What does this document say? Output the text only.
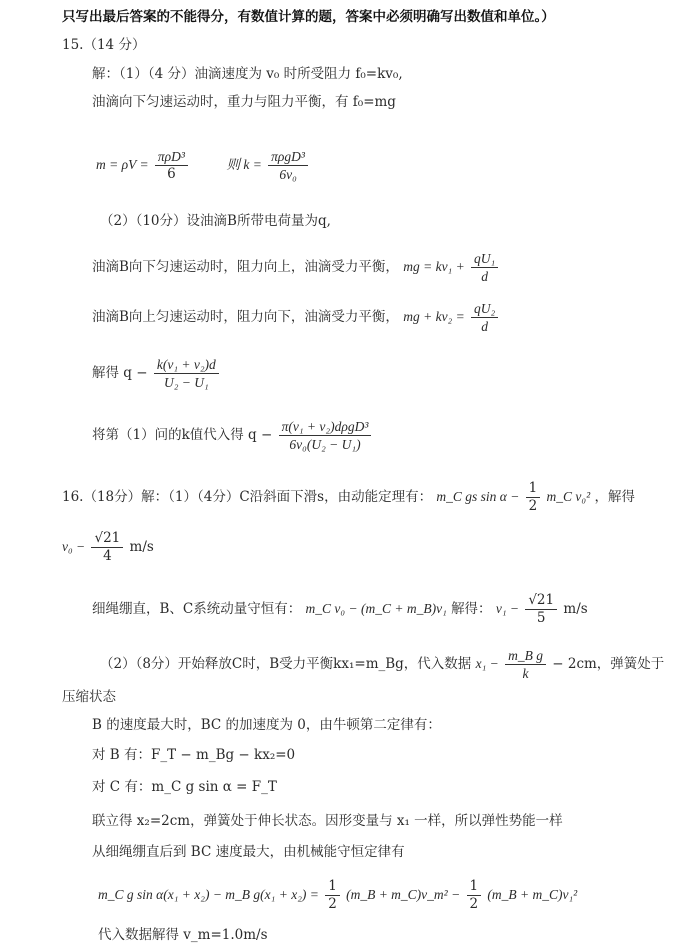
只写出最后答案的不能得分，有数值计算的题，答案中必须明确写出数值和单位。）
15.（14 分）
解：（1）（4 分）油滴速度为 v₀ 时所受阻力 f₀=kv₀,
油滴向下匀速运动时，重力与阻力平衡，有 f₀=mg
$m = \rho V = \frac{\text{πρD³}}{6}$	则 $k = \frac{\text{πρgD³}}{\text{6v₀}}$
（2）（10分）设油滴B所带电荷量为q,
油滴B向下匀速运动时，阻力向上，油滴受力平衡， mg = $kv_1 + \frac{\text{qU₁}}{d}$
油滴B向上匀速运动时，阻力向下，油滴受力平衡， mg + $kv_2 = \frac{\text{qU₂}}{d}$
解得 $q - \frac{\text{k(v₁ + v₂)d}}{\text{U₂ − U₁}}$
将第（1）问的k值代入得 $q - \frac{\text{π(v₁ + v₂)dρgD³}}{\text{6v₀(U₂ − U₁)}}$
16.（18分）解：（1）（4分）C沿斜面下滑s，由动能定理有： m_C gs $\sin \alpha - \frac{1}{2}$ m_C v₀² ，解得
$v_0 - \frac{√21}{4} m/s$
细绳绷直，B、C系统动量守恒有： m_C v₀ − (m_C + m_B)v₁ 解得： $v_1 - \frac{√21}{5} m/s$
（2）（8分）开始释放C时，B受力平衡kx₁=m_Bg，代入数据 $x_1 - \frac{\text{m\_B g}}{k} - 2cm$，弹簧处于
压缩状态
B 的速度最大时，BC 的加速度为 0，由牛顿第二定律有：
对 B 有：F_T − m_Bg − kx₂=0
对 C 有：m_C g sin α = F_T
联立得 x₂=2cm，弹簧处于伸长状态。因形变量与 x₁ 一样，所以弹性势能一样
从细绳绷直后到 BC 速度最大，由机械能守恒定律有
m_C g sin α(x₁ + x₂) − m_B $g(x_1 + x_2) = \frac{1}{2}$ (m_B + m_C)v_m² − $\frac{1}{2}$ (m_B + m_C)v₁²
代入数据解得 v_m=1.0m/s
